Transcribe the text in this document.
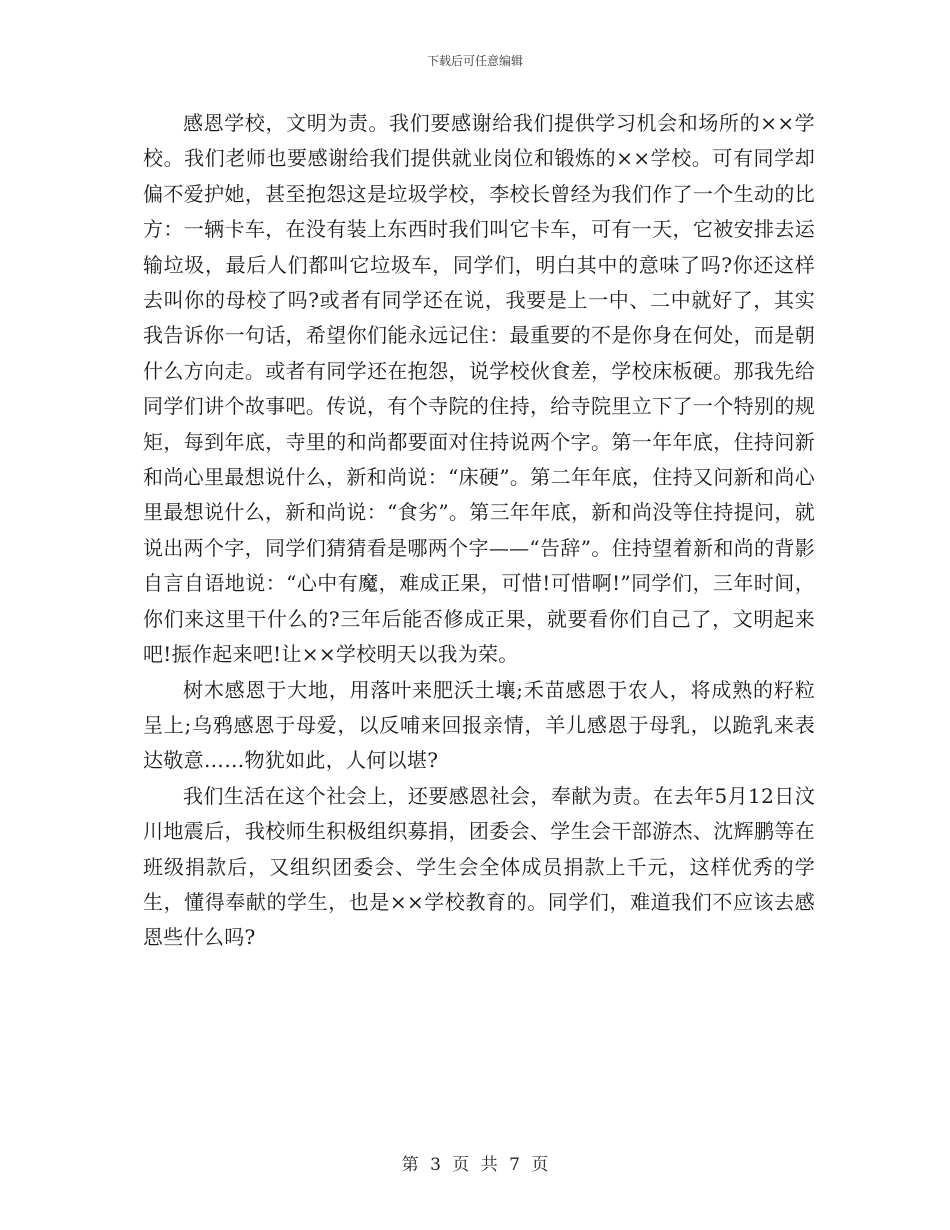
下载后可任意编辑

感恩学校，文明为责。我们要感谢给我们提供学习机会和场所的××学校。我们老师也要感谢给我们提供就业岗位和锻炼的××学校。可有同学却偏不爱护她，甚至抱怨这是垃圾学校，李校长曾经为我们作了一个生动的比方：一辆卡车，在没有装上东西时我们叫它卡车，可有一天，它被安排去运输垃圾，最后人们都叫它垃圾车，同学们，明白其中的意味了吗?你还这样去叫你的母校了吗?或者有同学还在说，我要是上一中、二中就好了，其实我告诉你一句话，希望你们能永远记住：最重要的不是你身在何处，而是朝什么方向走。或者有同学还在抱怨，说学校伙食差，学校床板硬。那我先给同学们讲个故事吧。传说，有个寺院的住持，给寺院里立下了一个特别的规矩，每到年底，寺里的和尚都要面对住持说两个字。第一年年底，住持问新和尚心里最想说什么，新和尚说：“床硬”。第二年年底，住持又问新和尚心里最想说什么，新和尚说：“食劣”。第三年年底，新和尚没等住持提问，就说出两个字，同学们猜猜看是哪两个字——“告辞”。住持望着新和尚的背影自言自语地说：“心中有魔，难成正果，可惜!可惜啊!”同学们，三年时间，你们来这里干什么的?三年后能否修成正果，就要看你们自己了，文明起来吧!振作起来吧!让××学校明天以我为荣。

树木感恩于大地，用落叶来肥沃土壤;禾苗感恩于农人，将成熟的籽粒呈上;乌鸦感恩于母爱，以反哺来回报亲情，羊儿感恩于母乳，以跪乳来表达敬意……物犹如此，人何以堪?

我们生活在这个社会上，还要感恩社会，奉献为责。在去年5月12日汶川地震后，我校师生积极组织募捐，团委会、学生会干部游杰、沈辉鹏等在班级捐款后，又组织团委会、学生会全体成员捐款上千元，这样优秀的学生，懂得奉献的学生，也是××学校教育的。同学们，难道我们不应该去感恩些什么吗?

第 3 页 共 7 页
